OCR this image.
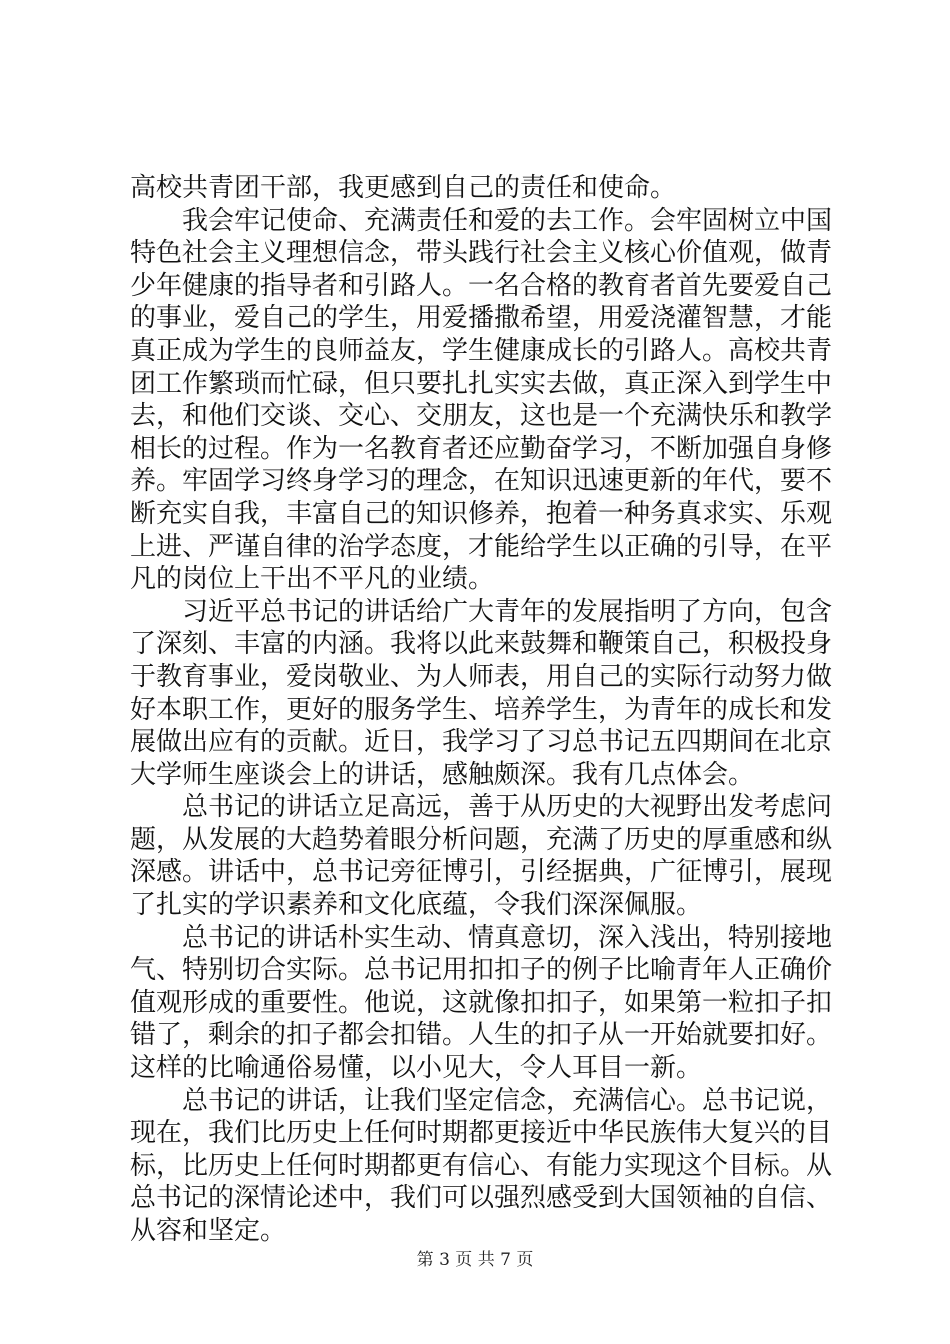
高校共青团干部，我更感到自己的责任和使命。

我会牢记使命、充满责任和爱的去工作。会牢固树立中国特色社会主义理想信念，带头践行社会主义核心价值观，做青少年健康的指导者和引路人。一名合格的教育者首先要爱自己的事业，爱自己的学生，用爱播撒希望，用爱浇灌智慧，才能真正成为学生的良师益友，学生健康成长的引路人。高校共青团工作繁琐而忙碌，但只要扎扎实实去做，真正深入到学生中去，和他们交谈、交心、交朋友，这也是一个充满快乐和教学相长的过程。作为一名教育者还应勤奋学习，不断加强自身修养。牢固学习终身学习的理念，在知识迅速更新的年代，要不断充实自我，丰富自己的知识修养，抱着一种务真求实、乐观上进、严谨自律的治学态度，才能给学生以正确的引导，在平凡的岗位上干出不平凡的业绩。

习近平总书记的讲话给广大青年的发展指明了方向，包含了深刻、丰富的内涵。我将以此来鼓舞和鞭策自己，积极投身于教育事业，爱岗敬业、为人师表，用自己的实际行动努力做好本职工作，更好的服务学生、培养学生，为青年的成长和发展做出应有的贡献。近日，我学习了习总书记五四期间在北京大学师生座谈会上的讲话，感触颇深。我有几点体会。

总书记的讲话立足高远，善于从历史的大视野出发考虑问题，从发展的大趋势着眼分析问题，充满了历史的厚重感和纵深感。讲话中，总书记旁征博引，引经据典，广征博引，展现了扎实的学识素养和文化底蕴，令我们深深佩服。

总书记的讲话朴实生动、情真意切，深入浅出，特别接地气、特别切合实际。总书记用扣扣子的例子比喻青年人正确价值观形成的重要性。他说，这就像扣扣子，如果第一粒扣子扣错了，剩余的扣子都会扣错。人生的扣子从一开始就要扣好。这样的比喻通俗易懂，以小见大，令人耳目一新。

总书记的讲话，让我们坚定信念，充满信心。总书记说，现在，我们比历史上任何时期都更接近中华民族伟大复兴的目标，比历史上任何时期都更有信心、有能力实现这个目标。从总书记的深情论述中，我们可以强烈感受到大国领袖的自信、从容和坚定。

第 3 页 共 7 页
